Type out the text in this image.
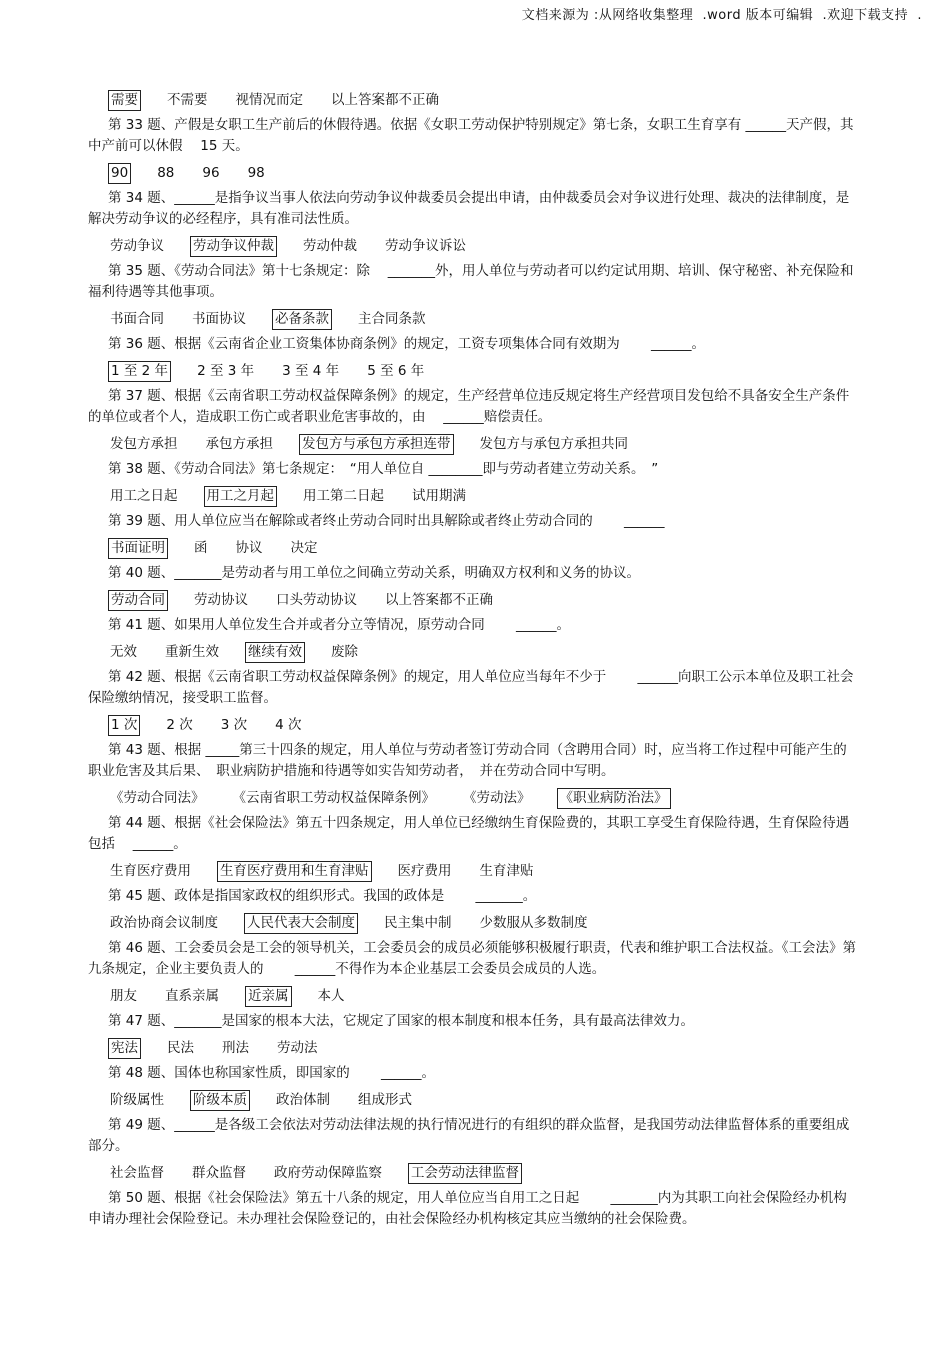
文档来源为 :从网络收集整理  .word 版本可编辑  .欢迎下载支持  .
需要 不需要 视情况而定 以上答案都不正确
第 33 题、产假是女职工生产前后的休假待遇。依据《女职工劳动保护特别规定》第七条，女职工生育享有 ______天产假，其中产前可以休假　 15 天。
90 88 96 98
第 34 题、______是指争议当事人依法向劳动争议仲裁委员会提出申请，由仲裁委员会对争议进行处理、裁决的法律制度，是解决劳动争议的必经程序，具有准司法性质。
劳动争议 劳动争议仲裁 劳动仲裁 劳动争议诉讼
第 35 题、《劳动合同法》第十七条规定：除　 _______外，用人单位与劳动者可以约定试用期、培训、保守秘密、补充保险和福利待遇等其他事项。
书面合同 书面协议 必备条款 主合同条款
第 36 题、根据《云南省企业工资集体协商条例》的规定，工资专项集体合同有效期为　　 ______。
1 至 2 年 2 至 3 年 3 至 4 年 5 至 6 年
第 37 题、根据《云南省职工劳动权益保障条例》的规定，生产经营单位违反规定将生产经营项目发包给不具备安全生产条件的单位或者个人，造成职工伤亡或者职业危害事故的，由　 ______赔偿责任。
发包方承担 承包方承担 发包方与承包方承担连带 发包方与承包方承担共同
第 38 题、《劳动合同法》第七条规定：　“用人单位自 ________即与劳动者建立劳动关系。　”
用工之日起 用工之月起 用工第二日起 试用期满
第 39 题、用人单位应当在解除或者终止劳动合同时出具解除或者终止劳动合同的　　 ______
书面证明 函 协议 决定
第 40 题、_______是劳动者与用工单位之间确立劳动关系，明确双方权利和义务的协议。
劳动合同 劳动协议 口头劳动协议 以上答案都不正确
第 41 题、如果用人单位发生合并或者分立等情况，原劳动合同　　 ______。
无效 重新生效 继续有效 废除
第 42 题、根据《云南省职工劳动权益保障条例》的规定，用人单位应当每年不少于　　 ______向职工公示本单位及职工社会保险缴纳情况，接受职工监督。
1 次 2 次 3 次 4 次
第 43 题、根据 _____第三十四条的规定，用人单位与劳动者签订劳动合同（含聘用合同）时，应当将工作过程中可能产生的职业危害及其后果、　职业病防护措施和待遇等如实告知劳动者，　并在劳动合同中写明。
《劳动合同法》 《云南省职工劳动权益保障条例》 《劳动法》 《职业病防治法》
第 44 题、根据《社会保险法》第五十四条规定，用人单位已经缴纳生育保险费的，其职工享受生育保险待遇，生育保险待遇包括　 ______。
生育医疗费用 生育医疗费用和生育津贴 医疗费用 生育津贴
第 45 题、政体是指国家政权的组织形式。我国的政体是　　 _______。
政治协商会议制度 人民代表大会制度 民主集中制 少数服从多数制度
第 46 题、工会委员会是工会的领导机关，工会委员会的成员必须能够积极履行职责，代表和维护职工合法权益。《工会法》第九条规定，企业主要负责人的　　 ______不得作为本企业基层工会委员会成员的人选。
朋友 直系亲属 近亲属 本人
第 47 题、_______是国家的根本大法，它规定了国家的根本制度和根本任务，具有最高法律效力。
宪法 民法 刑法 劳动法
第 48 题、国体也称国家性质，即国家的　　 ______。
阶级属性 阶级本质 政治体制 组成形式
第 49 题、______是各级工会依法对劳动法律法规的执行情况进行的有组织的群众监督，是我国劳动法律监督体系的重要组成部分。
社会监督 群众监督 政府劳动保障监察 工会劳动法律监督
第 50 题、根据《社会保险法》第五十八条的规定，用人单位应当自用工之日起　　 _______内为其职工向社会保险经办机构申请办理社会保险登记。未办理社会保险登记的，由社会保险经办机构核定其应当缴纳的社会保险费。
